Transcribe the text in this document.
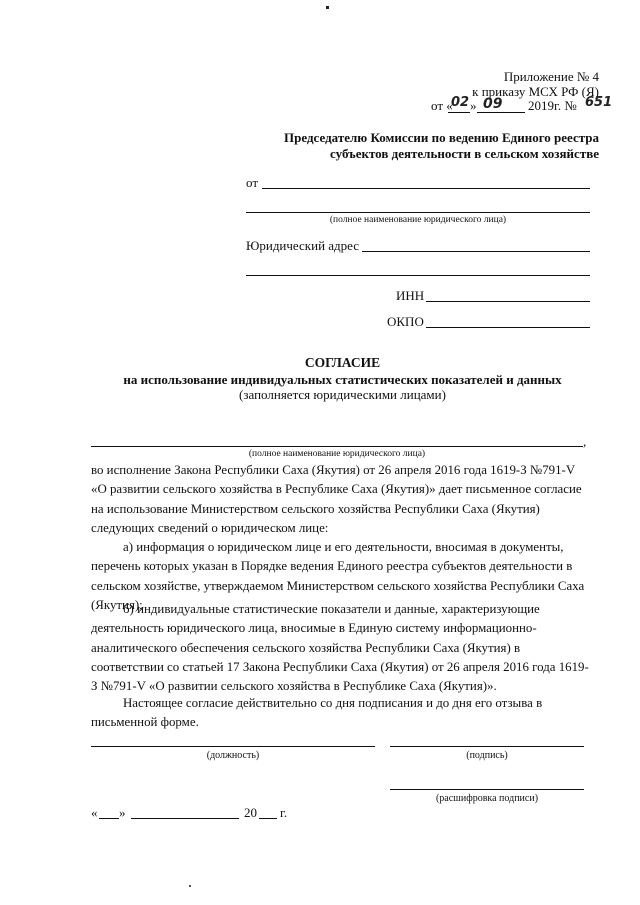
Приложение № 4
к приказу МСХ РФ (Я)
от «
02 » 09 2019г. № 651
Председателю Комиссии по ведению Единого реестра
субъектов деятельности в сельском хозяйстве
от
(полное наименование юридического лица)
Юридический адрес
ИНН
ОКПО
СОГЛАСИЕ
на использование индивидуальных статистических показателей и данных
(заполняется юридическими лицами)
,
(полное наименование юридического лица)
во исполнение Закона Республики Саха (Якутия) от 26 апреля 2016 года 1619-З №791-V
«О развитии сельского хозяйства в Республике Саха (Якутия)» дает письменное согласие
на использование Министерством сельского хозяйства Республики Саха (Якутия)
следующих сведений о юридическом лице:
а) информация о юридическом лице и его деятельности, вносимая в документы,
перечень которых указан в Порядке ведения Единого реестра субъектов деятельности в
сельском хозяйстве, утверждаемом Министерством сельского хозяйства Республики Саха
(Якутия);
б) индивидуальные статистические показатели и данные, характеризующие
деятельность юридического лица, вносимые в Единую систему информационно-
аналитического обеспечения сельского хозяйства Республики Саха (Якутия) в
соответствии со статьей 17 Закона Республики Саха (Якутия) от 26 апреля 2016 года 1619-
З №791-V «О развитии сельского хозяйства в Республике Саха (Якутия)».
Настоящее согласие действительно со дня подписания и до дня его отзыва в
письменной форме.
(должность)	(подпись)
(расшифровка подписи)
« »	20 г.
